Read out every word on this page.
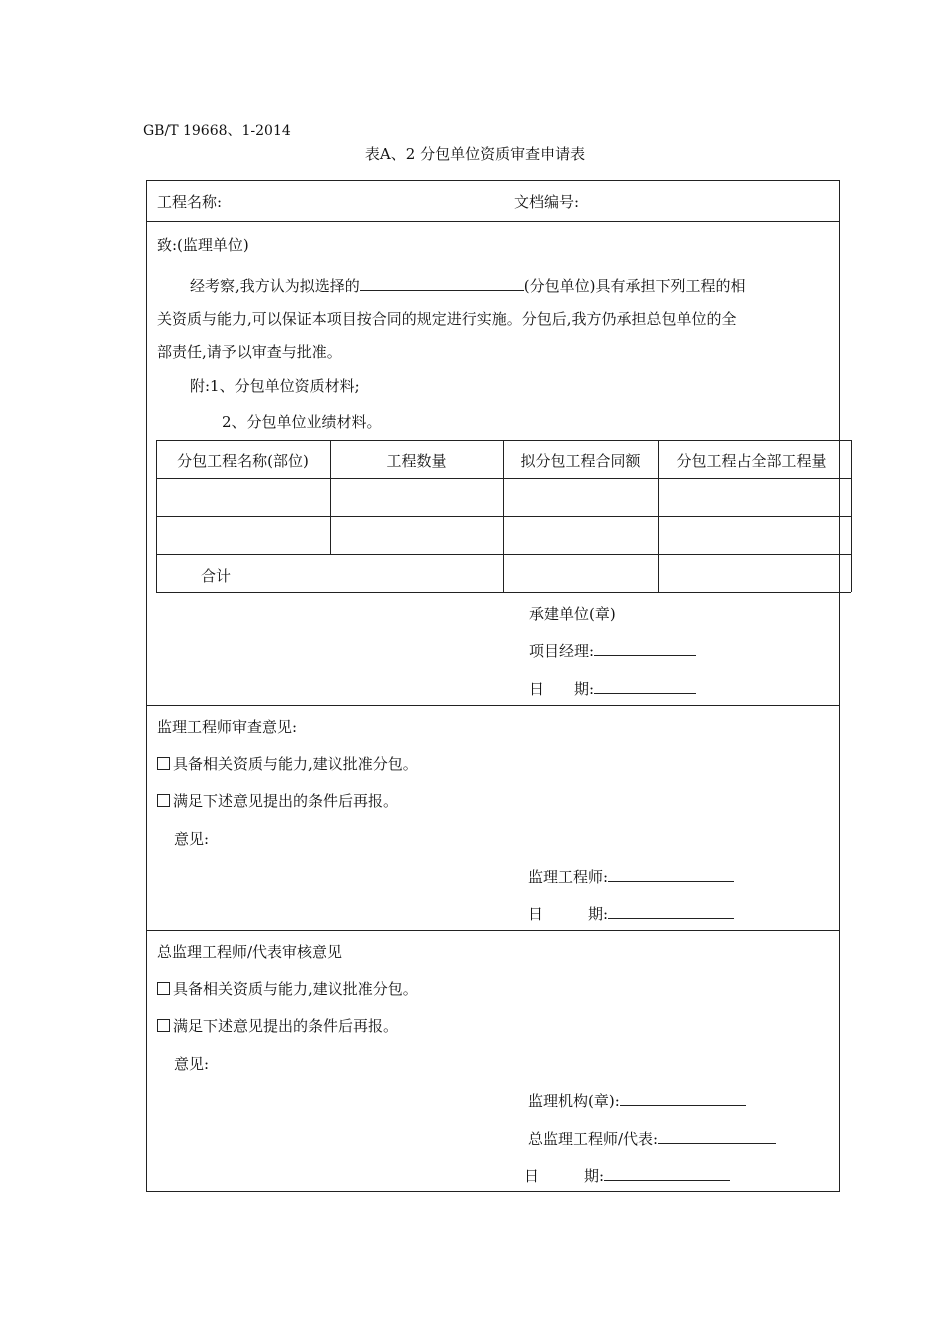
GB/T 19668、1-2014
表A、2 分包单位资质审查申请表
工程名称:	文档编号:
致:(监理单位)
经考察,我方认为拟选择的	(分包单位)具有承担下列工程的相
关资质与能力,可以保证本项目按合同的规定进行实施。分包后,我方仍承担总包单位的全
部责任,请予以审查与批准。
附:1、分包单位资质材料;
2、分包单位业绩材料。
分包工程名称(部位)	工程数量	拟分包工程合同额	分包工程占全部工程量
合计
承建单位(章)
项目经理:
日　　期:
监理工程师审查意见:
具备相关资质与能力,建议批准分包。
满足下述意见提出的条件后再报。
意见:
监理工程师:
日　　　期:
总监理工程师/代表审核意见
具备相关资质与能力,建议批准分包。
满足下述意见提出的条件后再报。
意见:
监理机构(章):
总监理工程师/代表:
日　　　期:
